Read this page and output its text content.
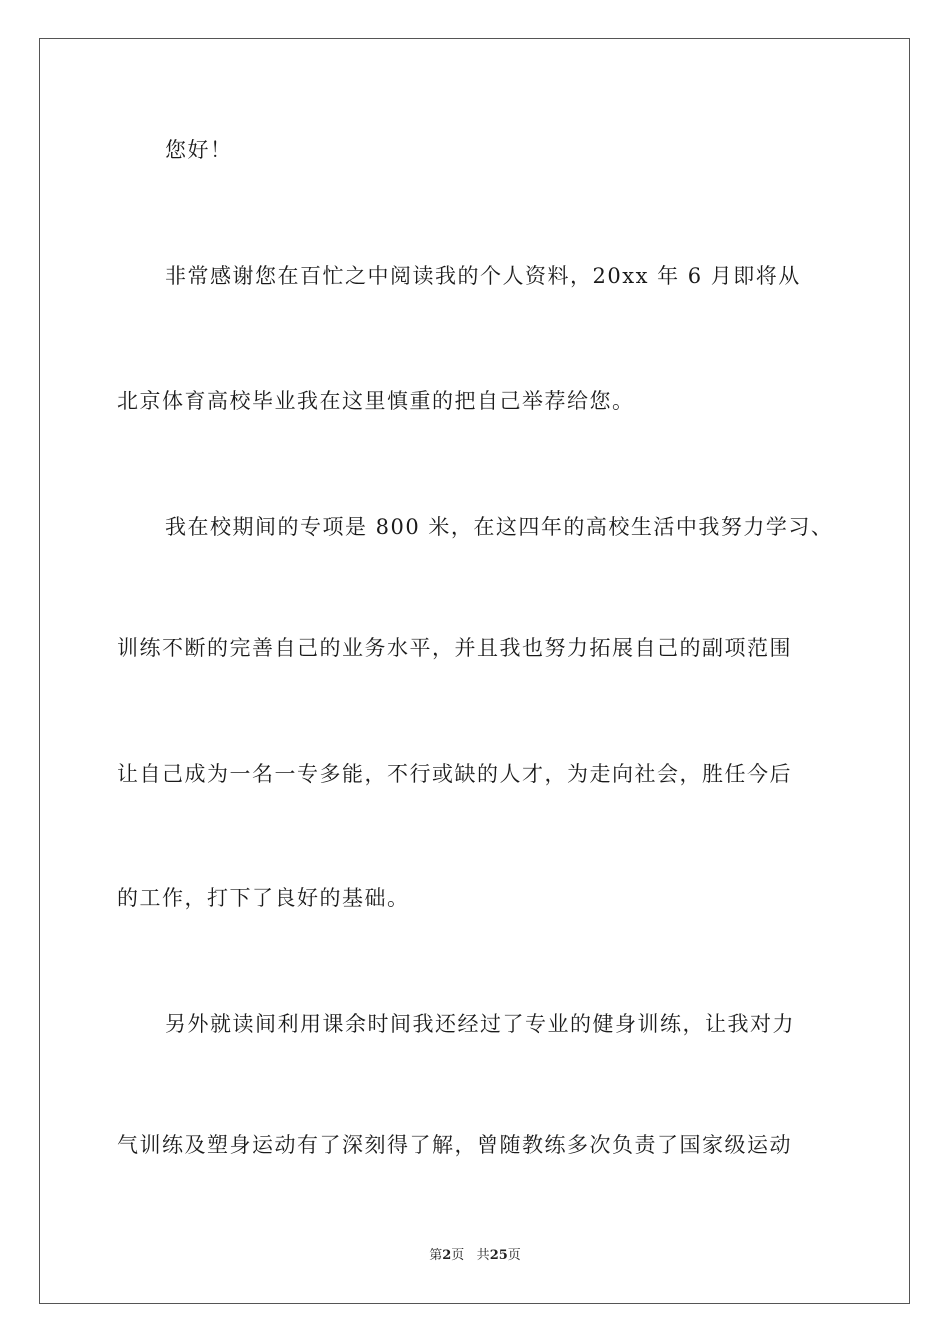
您好！
非常感谢您在百忙之中阅读我的个人资料，20xx 年 6 月即将从
北京体育高校毕业我在这里慎重的把自己举荐给您。
我在校期间的专项是 800 米，在这四年的高校生活中我努力学习、
训练不断的完善自己的业务水平，并且我也努力拓展自己的副项范围
让自己成为一名一专多能，不行或缺的人才，为走向社会，胜任今后
的工作，打下了良好的基础。
另外就读间利用课余时间我还经过了专业的健身训练，让我对力
气训练及塑身运动有了深刻得了解，曾随教练多次负责了国家级运动
第2页 共25页
